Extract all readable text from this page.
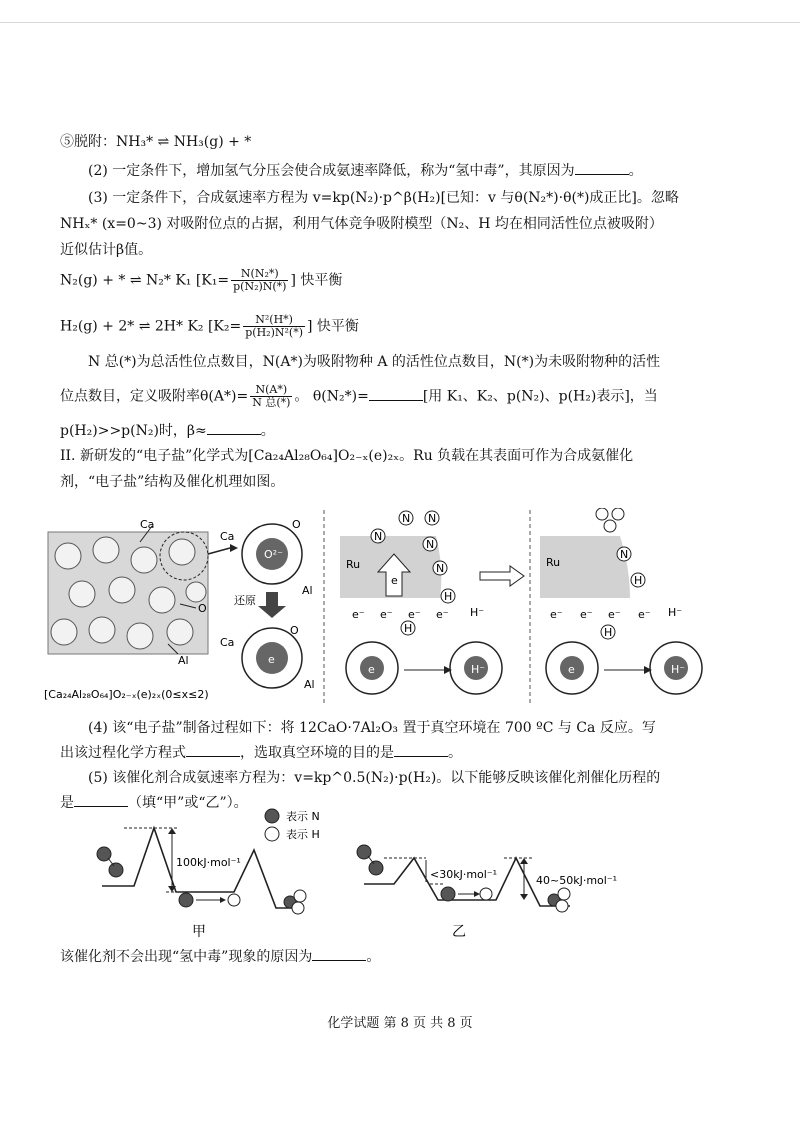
⑤脱附：NH₃* ⇌ NH₃(g) + *
(2) 一定条件下，增加氢气分压会使合成氨速率降低，称为“氢中毒”，其原因为	。
(3) 一定条件下，合成氨速率方程为 v=kp(N₂)·p^β(H₂)[已知：v 与θ(N₂*)·θ(*)成正比]。忽略
NHₓ* (x=0~3) 对吸附位点的占据，利用气体竞争吸附模型（N₂、H 均在相同活性位点被吸附）
近似估计β值。
N₂(g) + * ⇌ N₂* K₁ [$K_1= \frac{\text{N(N₂*)}}{\text{p(N₂)N(*)}}$ ] 快平衡
H₂(g) + 2* ⇌ 2H* K₂ [$K_2= \frac{\text{N²(H*)}}{\text{p(H₂)N²(*)}}$ ] 快平衡
N 总(*)为总活性位点数目，N(A*)为吸附物种 A 的活性位点数目，N(*)为未吸附物种的活性
位点数目，定义吸附率$\theta(A*)= \frac{N(A*)}{\text{N 总(*)}}$ 。 θ(N₂*)=	[用 K₁、K₂、p(N₂)、p(H₂)表示]，当
p(H₂)>>p(N₂)时，β≈	。
II. 新研发的“电子盐”化学式为[Ca₂₄Al₂₈O₆₄]O₂₋ₓ(e)₂ₓ。Ru 负载在其表面可作为合成氨催化
剂，“电子盐”结构及催化机理如图。
Ca
O
Al
[Ca₂₄Al₂₈O₆₄]O₂₋ₓ(e)₂ₓ(0≤x≤2)
O²⁻
Ca
O
Al
还原
e
Ca
O
Al
Ru
e
N N
N
N
N
H
e⁻ e⁻ e⁻ e⁻ H⁻
Ru
N
H
e⁻ e⁻ e⁻ e⁻ H⁻
e	H⁻	e	H⁻
H	H
(4) 该“电子盐”制备过程如下：将 12CaO·7Al₂O₃ 置于真空环境在 700 ºC 与 Ca 反应。写
出该过程化学方程式	，选取真空环境的目的是	。
(5) 该催化剂合成氨速率方程为：v=kp^0.5(N₂)·p(H₂)。以下能够反映该催化剂催化历程的
是	（填“甲”或“乙”）。
表示 N
表示 H
100kJ·mol⁻¹
甲
<30kJ·mol⁻¹	40~50kJ·mol⁻¹
乙
该催化剂不会出现“氢中毒”现象的原因为	。
化学试题 第 8 页 共 8 页
